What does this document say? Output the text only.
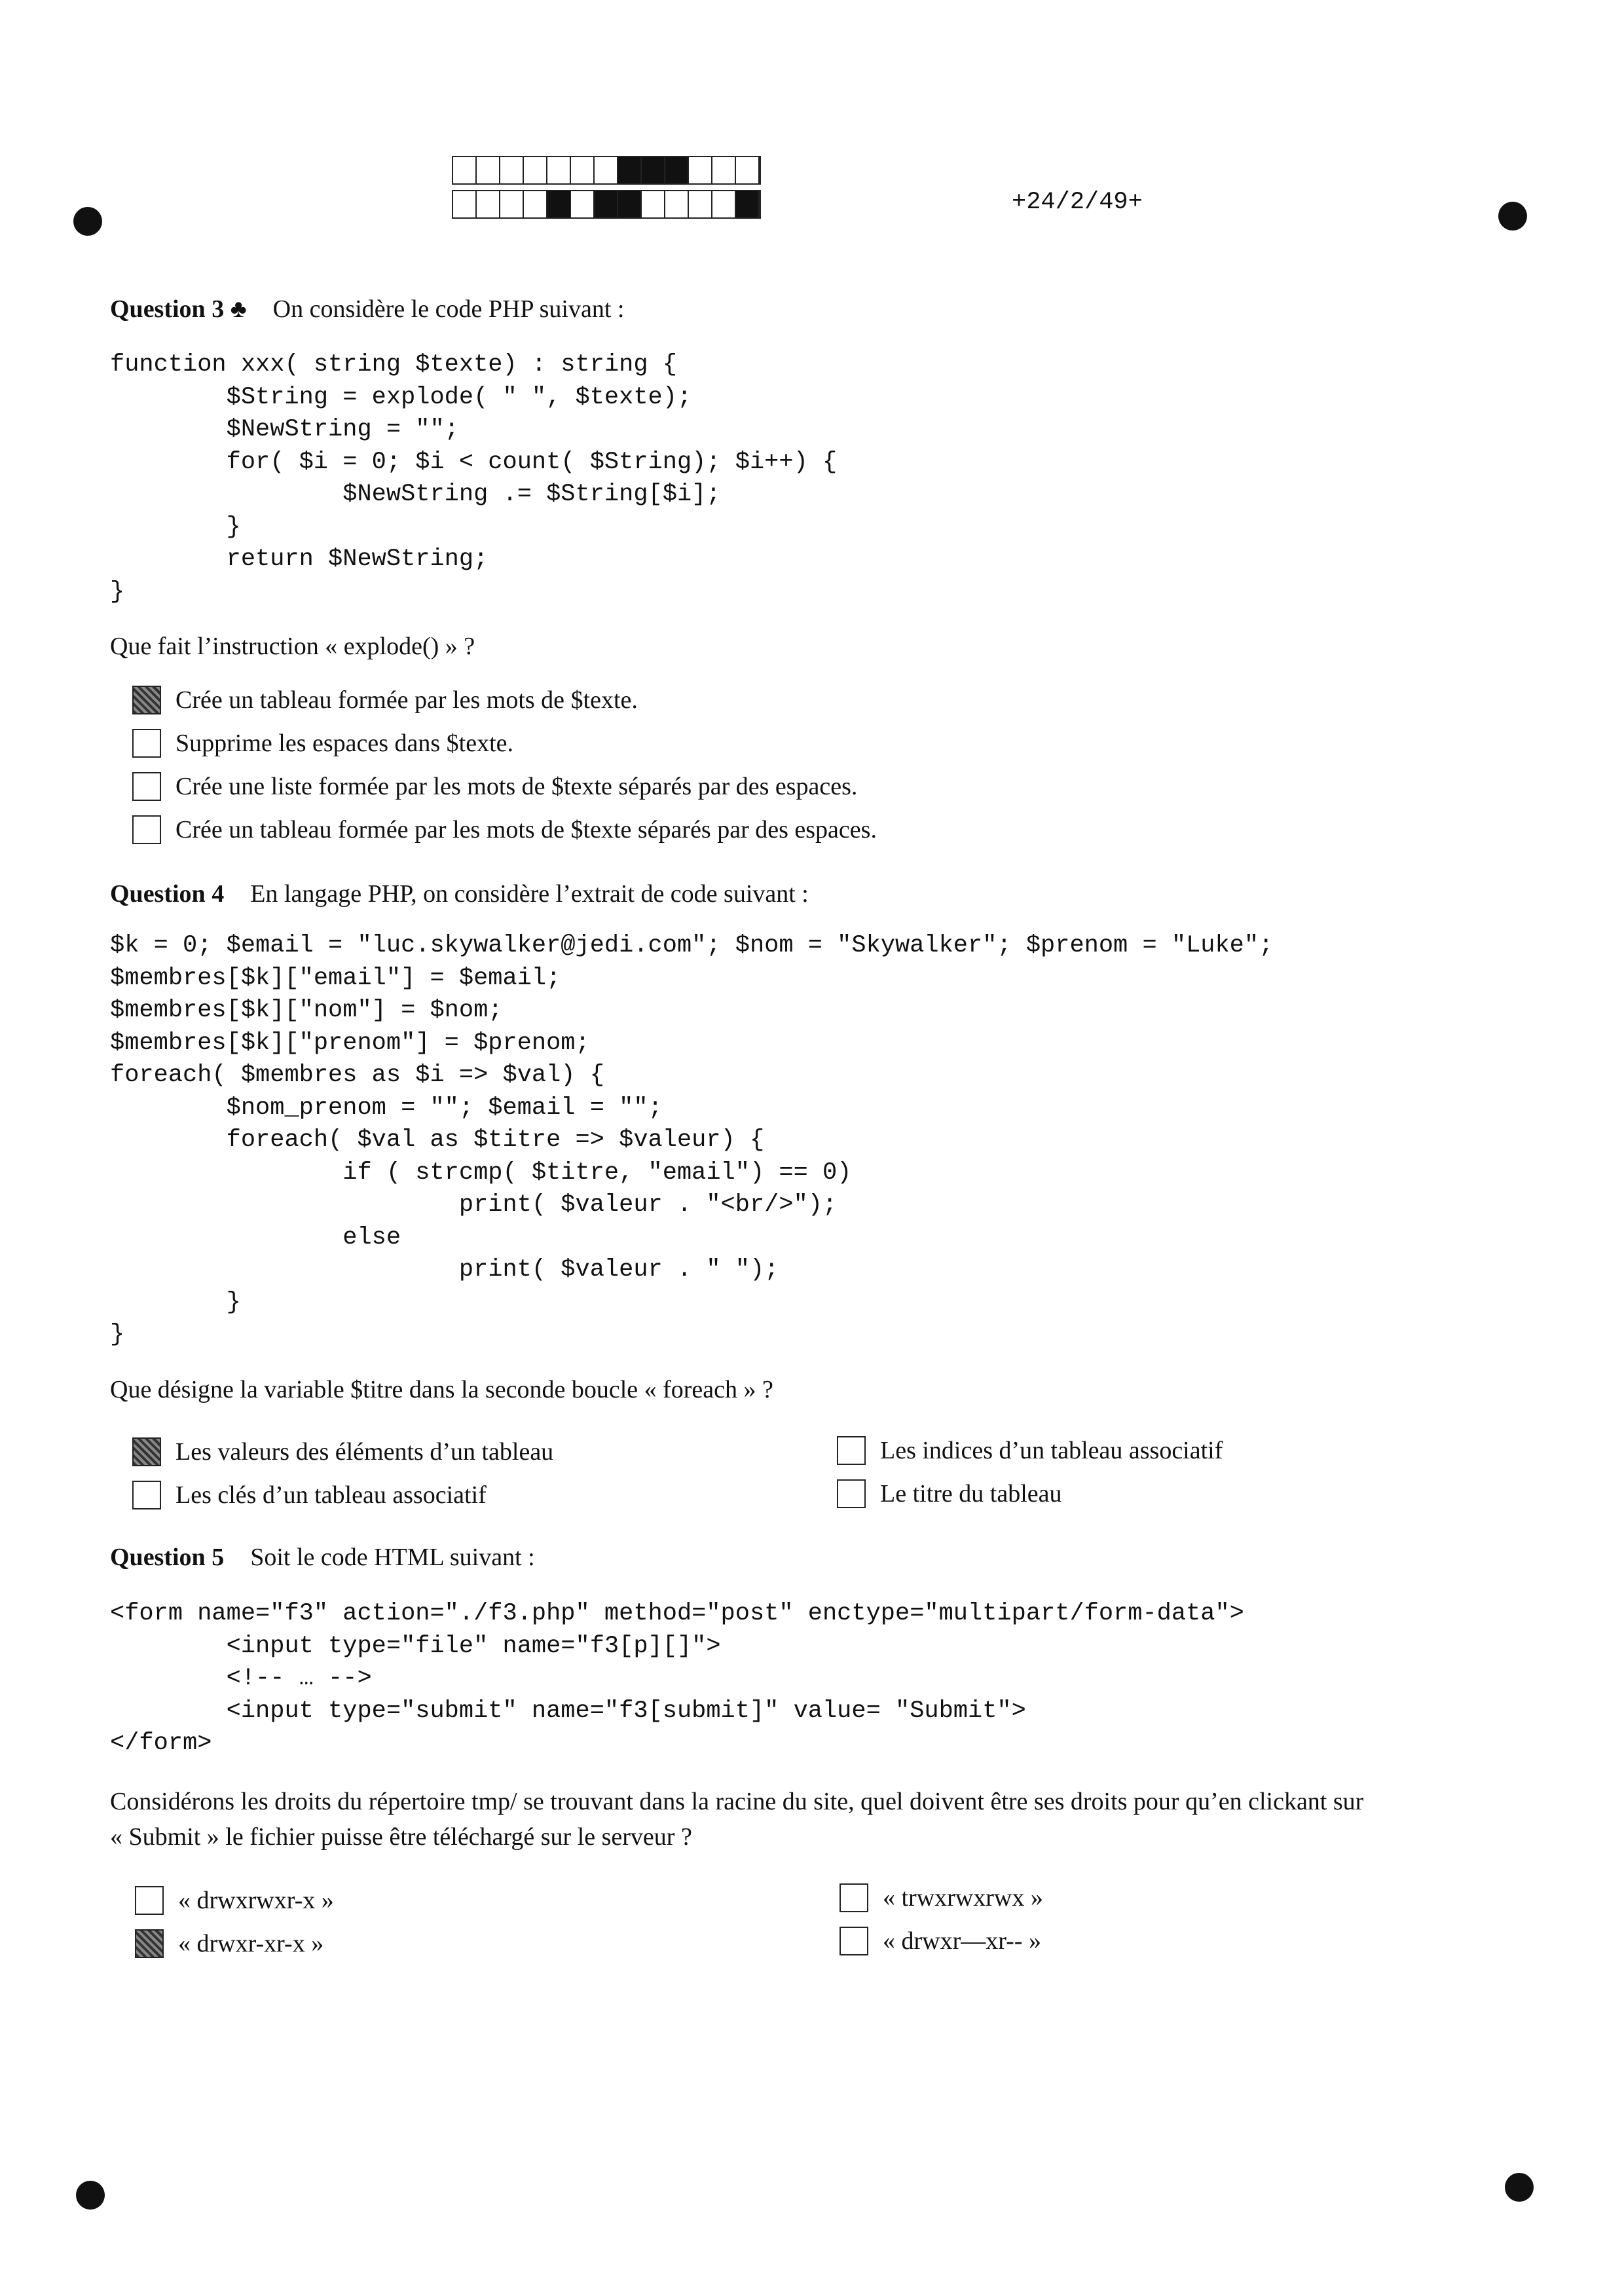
+24/2/49+
Question 3 ♣ On considère le code PHP suivant :
function xxx( string $texte) : string {
$String = explode( " ", $texte);
$NewString = "";
for( $i = 0; $i < count( $String); $i++) {
$NewString .= $String[$i];
}
return $NewString;
}
Que fait l’instruction « explode() » ?
Crée un tableau formée par les mots de $texte.
Supprime les espaces dans $texte.
Crée une liste formée par les mots de $texte séparés par des espaces.
Crée un tableau formée par les mots de $texte séparés par des espaces.
Question 4 En langage PHP, on considère l’extrait de code suivant :
$k = 0; $email = "luc.skywalker@jedi.com"; $nom = "Skywalker"; $prenom = "Luke";
$membres[$k]["email"] = $email;
$membres[$k]["nom"] = $nom;
$membres[$k]["prenom"] = $prenom;
foreach( $membres as $i => $val) {
$nom_prenom = ""; $email = "";
foreach( $val as $titre => $valeur) {
if ( strcmp( $titre, "email") == 0)
print( $valeur . "<br/>");
else
print( $valeur . " ");
}
}
Que désigne la variable $titre dans la seconde boucle « foreach » ?
Les valeurs des éléments d’un tableau	Les indices d’un tableau associatif
Les clés d’un tableau associatif	Le titre du tableau
Question 5 Soit le code HTML suivant :
<form name="f3" action="./f3.php" method="post" enctype="multipart/form-data">
<input type="file" name="f3[p][]">
<!-- … -->
<input type="submit" name="f3[submit]" value= "Submit">
</form>
Considérons les droits du répertoire tmp/ se trouvant dans la racine du site, quel doivent être ses droits pour qu’en clickant sur
« Submit » le fichier puisse être téléchargé sur le serveur ?
« drwxrwxr-x »	« trwxrwxrwx »
« drwxr-xr-x »	« drwxr—xr-- »
